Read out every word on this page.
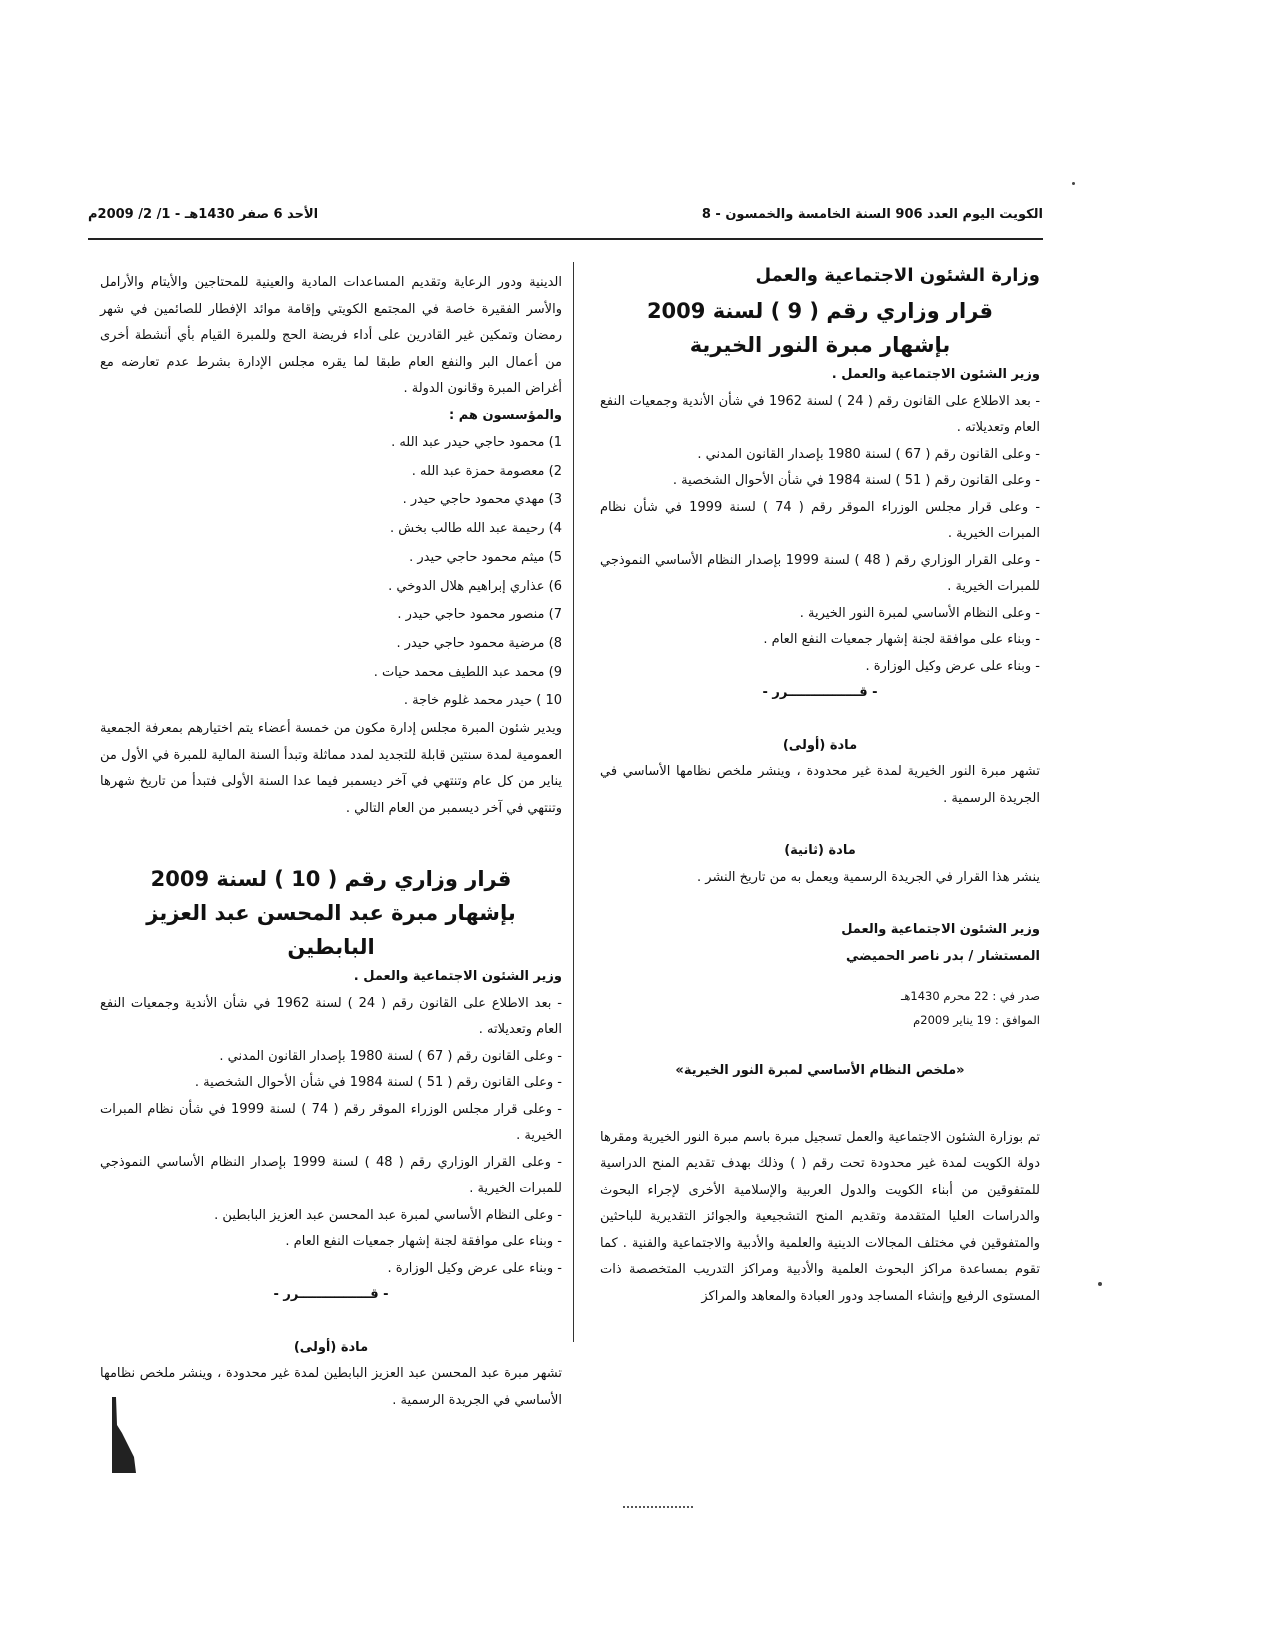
الكويت اليوم العدد 906 السنة الخامسة والخمسون - 8
الأحد 6 صفر 1430هـ - 1/ 2/ 2009م

وزارة الشئون الاجتماعية والعمل

قرار وزاري رقم ( 9 ) لسنة 2009

بإشهار مبرة النور الخيرية

وزير الشئون الاجتماعية والعمل .

- بعد الاطلاع على القانون رقم ( 24 ) لسنة 1962 في شأن الأندية وجمعيات النفع العام وتعديلاته .

- وعلى القانون رقم ( 67 ) لسنة 1980 بإصدار القانون المدني .

- وعلى القانون رقم ( 51 ) لسنة 1984 في شأن الأحوال الشخصية .

- وعلى قرار مجلس الوزراء الموقر رقم ( 74 ) لسنة 1999 في شأن نظام المبرات الخيرية .

- وعلى القرار الوزاري رقم ( 48 ) لسنة 1999 بإصدار النظام الأساسي النموذجي للمبرات الخيرية .

- وعلى النظام الأساسي لمبرة النور الخيرية .

- وبناء على موافقة لجنة إشهار جمعيات النفع العام .

- وبناء على عرض وكيل الوزارة .

- قــــــــــــــــرر -

مادة (أولى)

تشهر مبرة النور الخيرية لمدة غير محدودة ، وينشر ملخص نظامها الأساسي في الجريدة الرسمية .

مادة (ثانية)

ينشر هذا القرار في الجريدة الرسمية ويعمل به من تاريخ النشر .

وزير الشئون الاجتماعية والعمل

المستشار / بدر ناصر الحميضي

صدر في : 22 محرم 1430هـ

الموافق : 19 يناير 2009م

«ملخص النظام الأساسي لمبرة النور الخيرية»

تم بوزارة الشئون الاجتماعية والعمل تسجيل مبرة باسم مبرة النور الخيرية ومقرها دولة الكويت لمدة غير محدودة تحت رقم ( ) وذلك بهدف تقديم المنح الدراسية للمتفوقين من أبناء الكويت والدول العربية والإسلامية الأخرى لإجراء البحوث والدراسات العليا المتقدمة وتقديم المنح التشجيعية والجوائز التقديرية للباحثين والمتفوقين في مختلف المجالات الدينية والعلمية والأدبية والاجتماعية والفنية . كما تقوم بمساعدة مراكز البحوث العلمية والأدبية ومراكز التدريب المتخصصة ذات المستوى الرفيع وإنشاء المساجد ودور العبادة والمعاهد والمراكز

الدينية ودور الرعاية وتقديم المساعدات المادية والعينية للمحتاجين والأيتام والأرامل والأسر الفقيرة خاصة في المجتمع الكويتي وإقامة موائد الإفطار للصائمين في شهر رمضان وتمكين غير القادرين على أداء فريضة الحج وللمبرة القيام بأي أنشطة أخرى من أعمال البر والنفع العام طبقا لما يقره مجلس الإدارة بشرط عدم تعارضه مع أغراض المبرة وقانون الدولة .

والمؤسسون هم :

1) محمود حاجي حيدر عبد الله .
2) معصومة حمزة عبد الله .
3) مهدي محمود حاجي حيدر .
4) رحيمة عبد الله طالب بخش .
5) ميثم محمود حاجي حيدر .
6) عذاري إبراهيم هلال الدوخي .
7) منصور محمود حاجي حيدر .
8) مرضية محمود حاجي حيدر .
9) محمد عبد اللطيف محمد حيات .
10 ) حيدر محمد غلوم خاجة .

ويدير شئون المبرة مجلس إدارة مكون من خمسة أعضاء يتم اختيارهم بمعرفة الجمعية العمومية لمدة سنتين قابلة للتجديد لمدد مماثلة وتبدأ السنة المالية للمبرة في الأول من يناير من كل عام وتنتهي في آخر ديسمبر فيما عدا السنة الأولى فتبدأ من تاريخ شهرها وتنتهي في آخر ديسمبر من العام التالي .

قرار وزاري رقم ( 10 ) لسنة 2009

بإشهار مبرة عبد المحسن عبد العزيز البابطين

وزير الشئون الاجتماعية والعمل .

- بعد الاطلاع على القانون رقم ( 24 ) لسنة 1962 في شأن الأندية وجمعيات النفع العام وتعديلاته .

- وعلى القانون رقم ( 67 ) لسنة 1980 بإصدار القانون المدني .

- وعلى القانون رقم ( 51 ) لسنة 1984 في شأن الأحوال الشخصية .

- وعلى قرار مجلس الوزراء الموقر رقم ( 74 ) لسنة 1999 في شأن نظام المبرات الخيرية .

- وعلى القرار الوزاري رقم ( 48 ) لسنة 1999 بإصدار النظام الأساسي النموذجي للمبرات الخيرية .

- وعلى النظام الأساسي لمبرة عبد المحسن عبد العزيز البابطين .

- وبناء على موافقة لجنة إشهار جمعيات النفع العام .

- وبناء على عرض وكيل الوزارة .

- قــــــــــــــــرر -

مادة (أولى)

تشهر مبرة عبد المحسن عبد العزيز البابطين لمدة غير محدودة ، وينشر ملخص نظامها الأساسي في الجريدة الرسمية .
